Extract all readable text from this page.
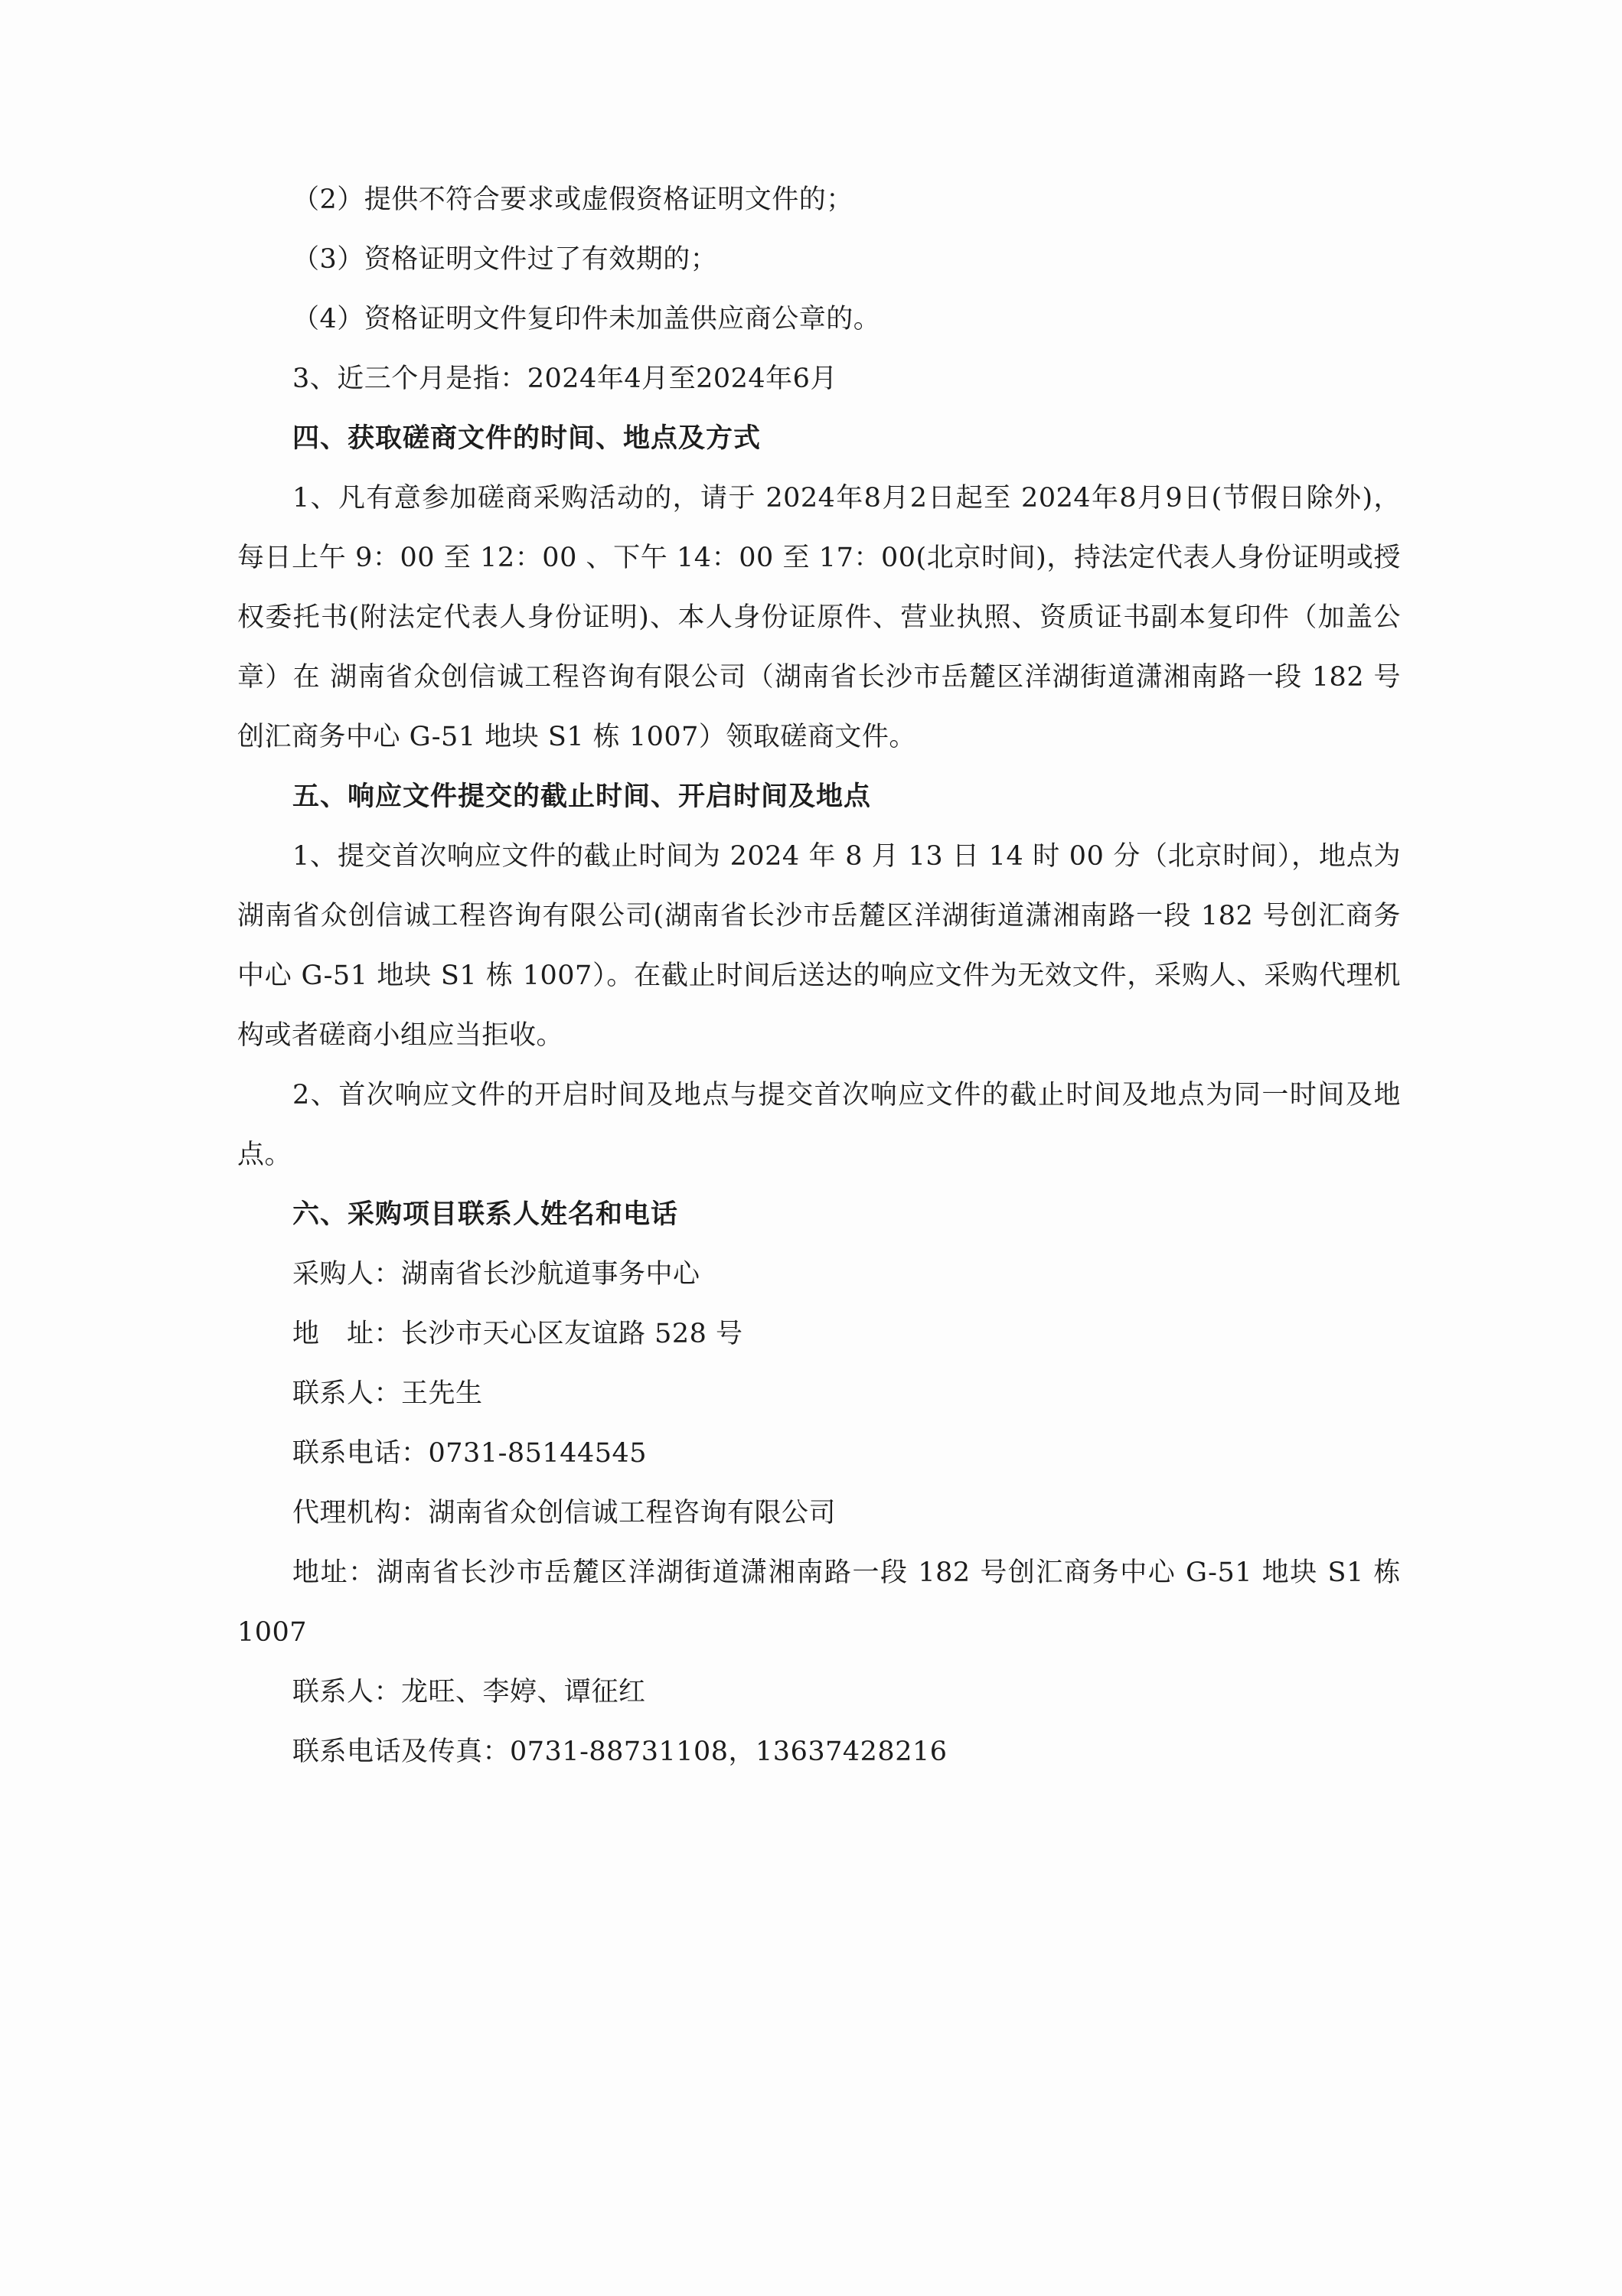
（2）提供不符合要求或虚假资格证明文件的；

（3）资格证明文件过了有效期的；

（4）资格证明文件复印件未加盖供应商公章的。

3、近三个月是指：2024年4月至2024年6月

四、获取磋商文件的时间、地点及方式

1、凡有意参加磋商采购活动的，请于 2024年8月2日起至 2024年8月9日(节假日除外)，每日上午 9：00 至 12：00 、下午 14：00 至 17：00(北京时间)，持法定代表人身份证明或授权委托书(附法定代表人身份证明)、本人身份证原件、营业执照、资质证书副本复印件（加盖公章）在 湖南省众创信诚工程咨询有限公司（湖南省长沙市岳麓区洋湖街道潇湘南路一段 182 号创汇商务中心 G-51 地块 S1 栋 1007）领取磋商文件。

五、响应文件提交的截止时间、开启时间及地点

1、提交首次响应文件的截止时间为 2024 年 8 月 13 日 14 时 00 分（北京时间），地点为湖南省众创信诚工程咨询有限公司(湖南省长沙市岳麓区洋湖街道潇湘南路一段 182 号创汇商务中心 G-51 地块 S1 栋 1007）。在截止时间后送达的响应文件为无效文件，采购人、采购代理机构或者磋商小组应当拒收。

2、首次响应文件的开启时间及地点与提交首次响应文件的截止时间及地点为同一时间及地点。

六、采购项目联系人姓名和电话

采购人：湖南省长沙航道事务中心

地　址：长沙市天心区友谊路 528 号

联系人：王先生

联系电话：0731-85144545

代理机构：湖南省众创信诚工程咨询有限公司

地址：湖南省长沙市岳麓区洋湖街道潇湘南路一段 182 号创汇商务中心 G-51 地块 S1 栋 1007

联系人：龙旺、李婷、谭征红

联系电话及传真：0731-88731108，13637428216
